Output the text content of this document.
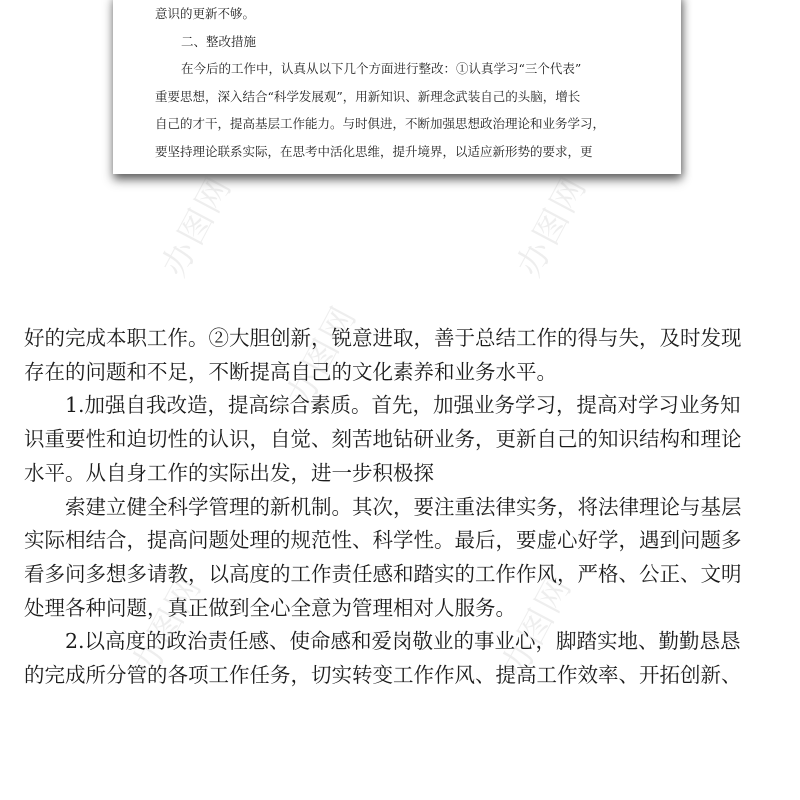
意识的更新不够。

二、整改措施

在今后的工作中，认真从以下几个方面进行整改：①认真学习“三个代表”

重要思想，深入结合“科学发展观”，用新知识、新理念武装自己的头脑，增长

自己的才干，提高基层工作能力。与时俱进，不断加强思想政治理论和业务学习，

要坚持理论联系实际，在思考中活化思维，提升境界，以适应新形势的要求，更

办图网	办图网
办图网
办图网	办图网

好的完成本职工作。②大胆创新，锐意进取，善于总结工作的得与失，及时发现

存在的问题和不足，不断提高自己的文化素养和业务水平。

1.加强自我改造，提高综合素质。首先，加强业务学习，提高对学习业务知

识重要性和迫切性的认识，自觉、刻苦地钻研业务，更新自己的知识结构和理论

水平。从自身工作的实际出发，进一步积极探

索建立健全科学管理的新机制。其次，要注重法律实务，将法律理论与基层

实际相结合，提高问题处理的规范性、科学性。最后，要虚心好学，遇到问题多

看多问多想多请教，以高度的工作责任感和踏实的工作作风，严格、公正、文明

处理各种问题，真正做到全心全意为管理相对人服务。

2.以高度的政治责任感、使命感和爱岗敬业的事业心，脚踏实地、勤勤恳恳

的完成所分管的各项工作任务，切实转变工作作风、提高工作效率、开拓创新、
